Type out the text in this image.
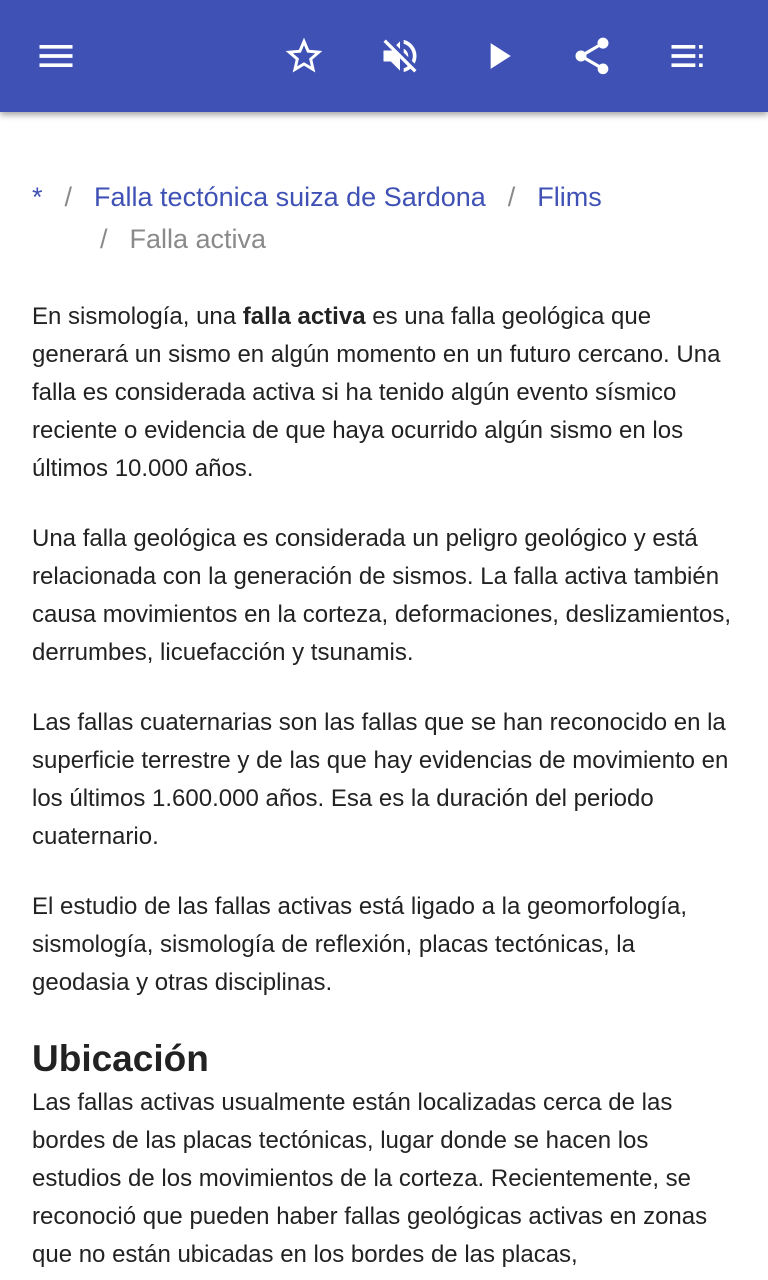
* / Falla tectónica suiza de Sardona / Flims
/ Falla activa

En sismología, una falla activa es una falla geológica que generará un sismo en algún momento en un futuro cercano. Una falla es considerada activa si ha tenido algún evento sísmico reciente o evidencia de que haya ocurrido algún sismo en los últimos 10.000 años.

Una falla geológica es considerada un peligro geológico y está relacionada con la generación de sismos. La falla activa también causa movimientos en la corteza, deformaciones, deslizamientos, derrumbes, licuefacción y tsunamis.

Las fallas cuaternarias son las fallas que se han reconocido en la superficie terrestre y de las que hay evidencias de movimiento en los últimos 1.600.000 años. Esa es la duración del periodo cuaternario.

El estudio de las fallas activas está ligado a la geomorfología, sismología, sismología de reflexión, placas tectónicas, la geodasia y otras disciplinas.

Ubicación

Las fallas activas usualmente están localizadas cerca de las bordes de las placas tectónicas, lugar donde se hacen los estudios de los movimientos de la corteza. Recientemente, se reconoció que pueden haber fallas geológicas activas en zonas que no están ubicadas en los bordes de las placas,
